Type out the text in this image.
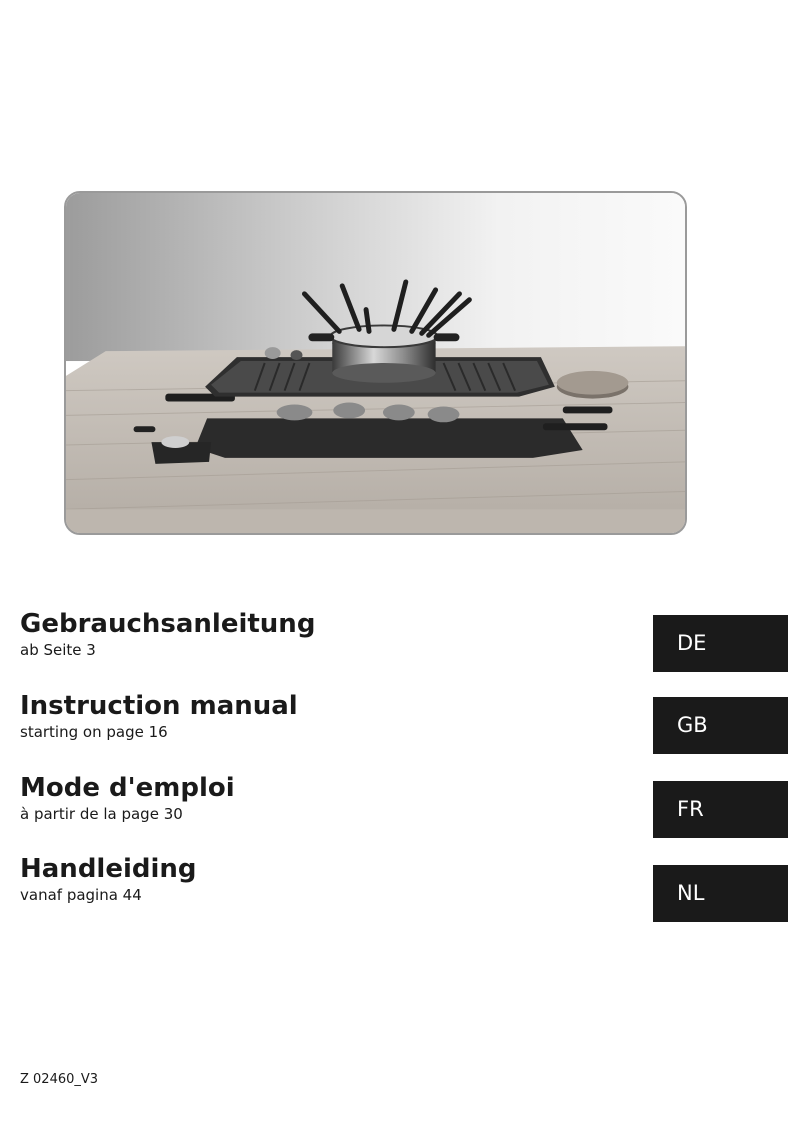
Gebrauchsanleitung
ab Seite 3	DE
Instruction manual
starting on page 16	GB
Mode d'emploi
à partir de la page 30	FR
Handleiding
vanaf pagina 44	NL
Z 02460_V3
